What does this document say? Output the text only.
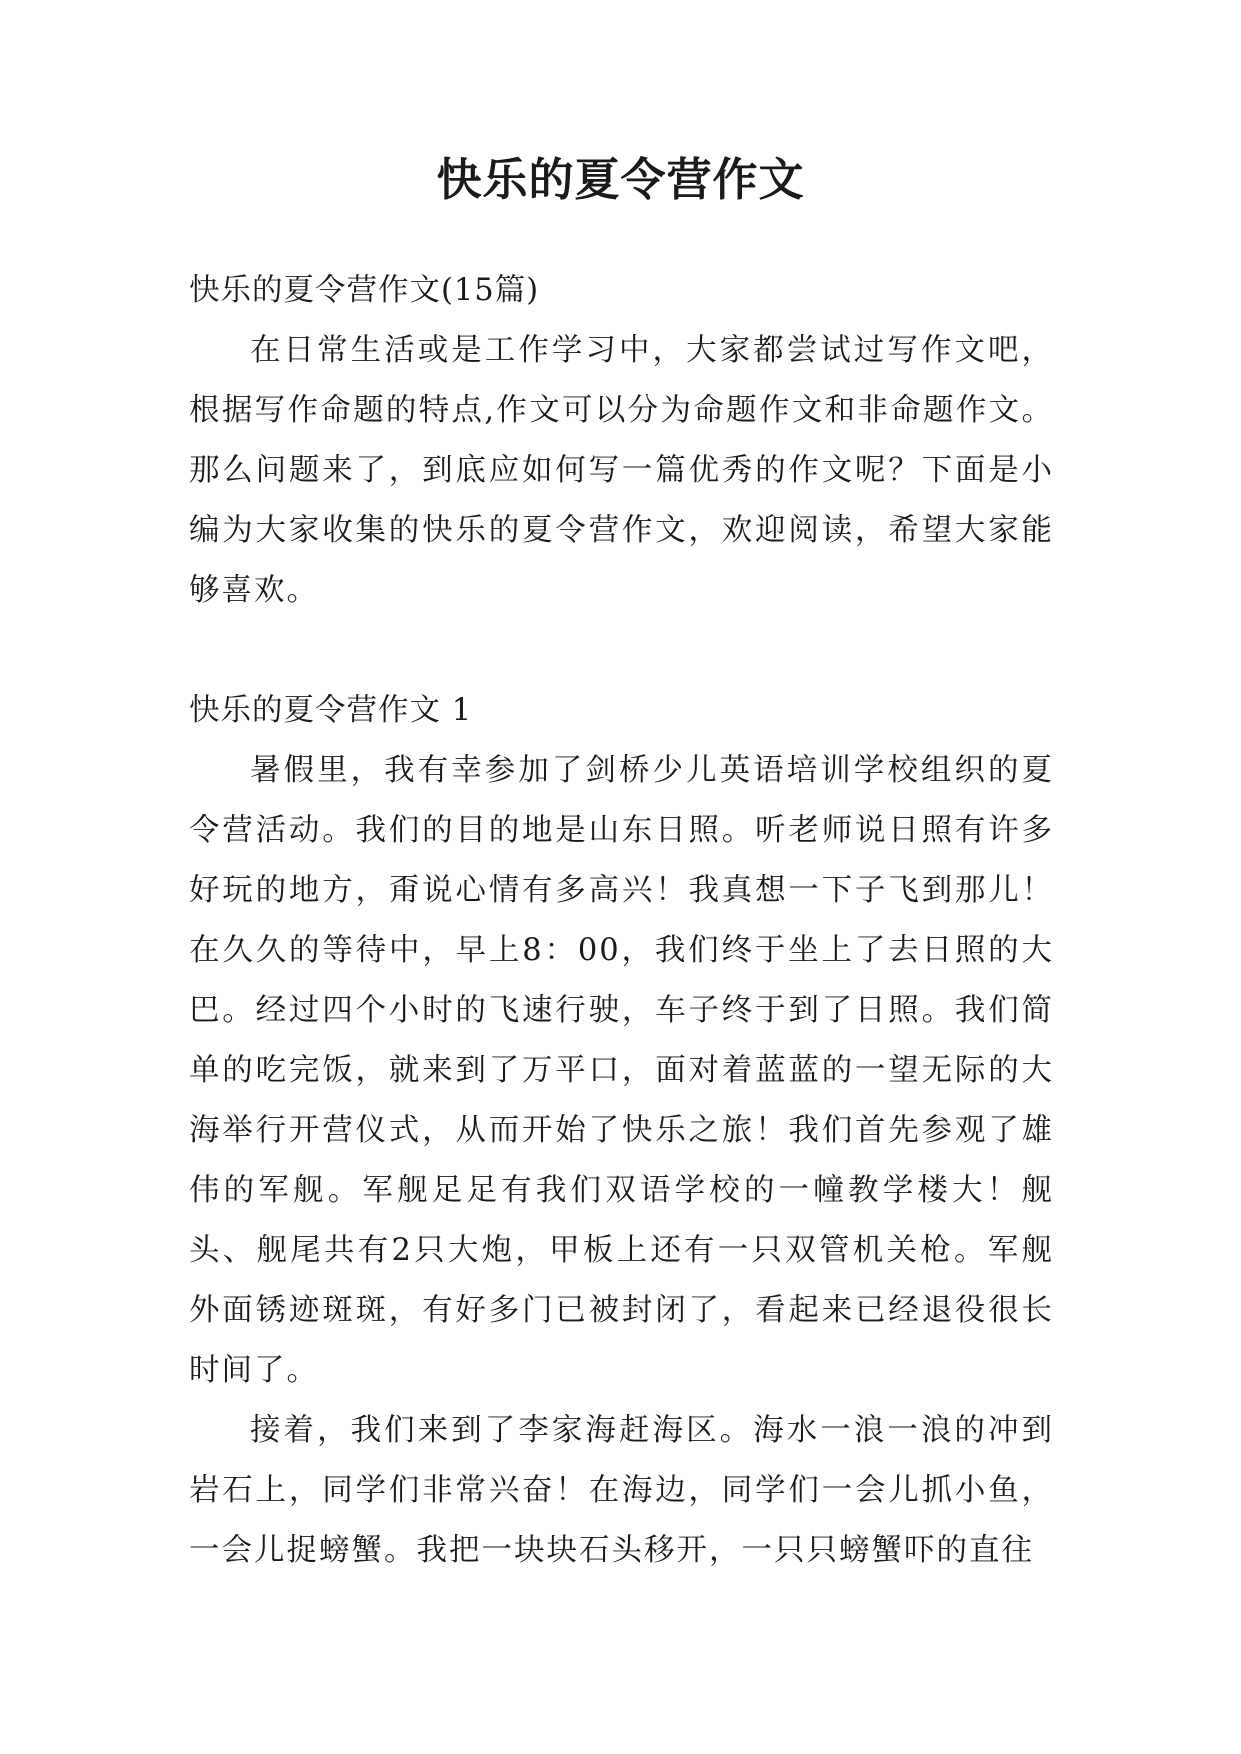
快乐的夏令营作文

快乐的夏令营作文(15篇)

在日常生活或是工作学习中，大家都尝试过写作文吧，根据写作命题的特点,作文可以分为命题作文和非命题作文。那么问题来了，到底应如何写一篇优秀的作文呢？下面是小编为大家收集的快乐的夏令营作文，欢迎阅读，希望大家能够喜欢。

快乐的夏令营作文 1

暑假里，我有幸参加了剑桥少儿英语培训学校组织的夏令营活动。我们的目的地是山东日照。听老师说日照有许多好玩的地方，甭说心情有多高兴！我真想一下子飞到那儿！在久久的等待中，早上8：00，我们终于坐上了去日照的大巴。经过四个小时的飞速行驶，车子终于到了日照。我们简单的吃完饭，就来到了万平口，面对着蓝蓝的一望无际的大海举行开营仪式，从而开始了快乐之旅！我们首先参观了雄伟的军舰。军舰足足有我们双语学校的一幢教学楼大！舰头、舰尾共有2只大炮，甲板上还有一只双管机关枪。军舰外面锈迹斑斑，有好多门已被封闭了，看起来已经退役很长时间了。

接着，我们来到了李家海赶海区。海水一浪一浪的冲到岩石上，同学们非常兴奋！在海边，同学们一会儿抓小鱼，一会儿捉螃蟹。我把一块块石头移开，一只只螃蟹吓的直往
